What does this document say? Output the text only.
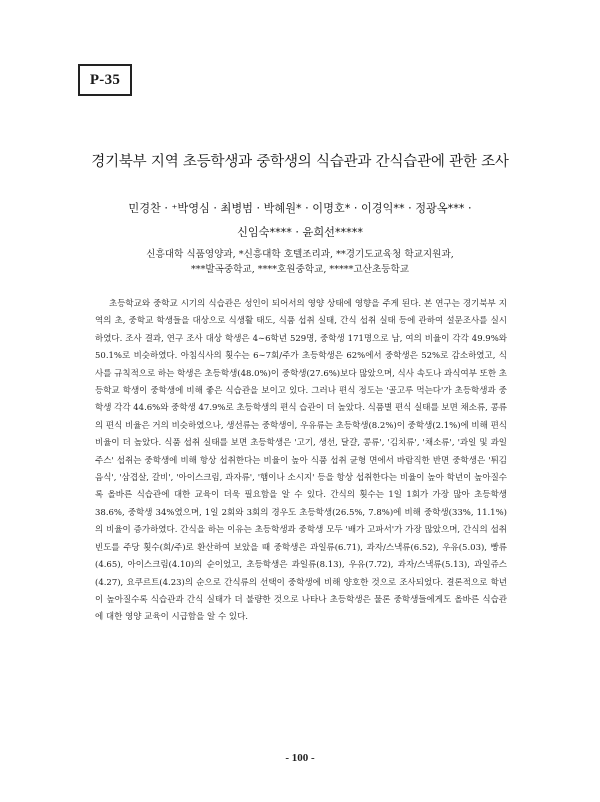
P-35
경기북부 지역 초등학생과 중학생의 식습관과 간식습관에 관한 조사
민경찬 · ⁺박영심 · 최병범 · 박혜원* · 이명호* · 이경익** · 정광옥*** ·
신임숙**** · 윤희선*****
신흥대학 식품영양과, *신흥대학 호텔조리과, **경기도교육청 학교지원과,
***발곡중학교, ****호원중학교, *****고산초등학교

초등학교와 중학교 시기의 식습관은 성인이 되어서의 영양 상태에 영향을 주게 된다. 본 연구는 경기북부 지역의 초, 중학교 학생들을 대상으로 식생활 태도, 식품 섭취 실태, 간식 섭취 실태 등에 관하여 설문조사를 실시하였다. 조사 결과, 연구 조사 대상 학생은 4∼6학년 529명, 중학생 171명으로 남, 여의 비율이 각각 49.9%와 50.1%로 비슷하였다. 아침식사의 횟수는 6∼7회/주가 초등학생은 62%에서 중학생은 52%로 감소하였고, 식사를 규칙적으로 하는 학생은 초등학생(48.0%)이 중학생(27.6%)보다 많았으며, 식사 속도나 과식여부 또한 초등학교 학생이 중학생에 비해 좋은 식습관을 보이고 있다. 그러나 편식 정도는 '골고루 먹는다'가 초등학생과 중학생 각각 44.6%와 중학생 47.9%로 초등학생의 편식 습관이 더 높았다. 식품별 편식 실태를 보면 채소류, 콩류의 편식 비율은 거의 비슷하였으나, 생선류는 중학생이, 우유류는 초등학생(8.2%)이 중학생(2.1%)에 비해 편식비율이 더 높았다. 식품 섭취 실태를 보면 초등학생은 '고기, 생선, 달걀, 콩류', '김치류', '채소류', '과일 및 과일주스' 섭취는 중학생에 비해 항상 섭취한다는 비율이 높아 식품 섭취 균형 면에서 바람직한 반면 중학생은 '튀김음식', '삼겹살, 갈비', '아이스크림, 과자류', '햄이나 소시지' 등을 항상 섭취한다는 비율이 높아 학년이 높아질수록 올바른 식습관에 대한 교육이 더욱 필요함을 알 수 있다. 간식의 횟수는 1일 1회가 가장 많아 초등학생 38.6%, 중학생 34%였으며, 1일 2회와 3회의 경우도 초등학생(26.5%, 7.8%)에 비해 중학생(33%, 11.1%)의 비율이 증가하였다. 간식을 하는 이유는 초등학생과 중학생 모두 '배가 고파서'가 가장 많았으며, 간식의 섭취 빈도를 주당 횟수(회/주)로 환산하여 보았을 때 중학생은 과일류(6.71), 과자/스낵류(6.52), 우유(5.03), 빵류(4.65), 아이스크림(4.10)의 순이었고, 초등학생은 과일류(8.13), 우유(7.72), 과자/스낵류(5.13), 과일쥬스(4.27), 요쿠르트(4.23)의 순으로 간식류의 선택이 중학생에 비해 양호한 것으로 조사되었다. 결론적으로 학년이 높아질수록 식습관과 간식 실태가 더 불량한 것으로 나타나 초등학생은 물론 중학생들에게도 올바른 식습관에 대한 영양 교육이 시급함을 알 수 있다.

- 100 -
